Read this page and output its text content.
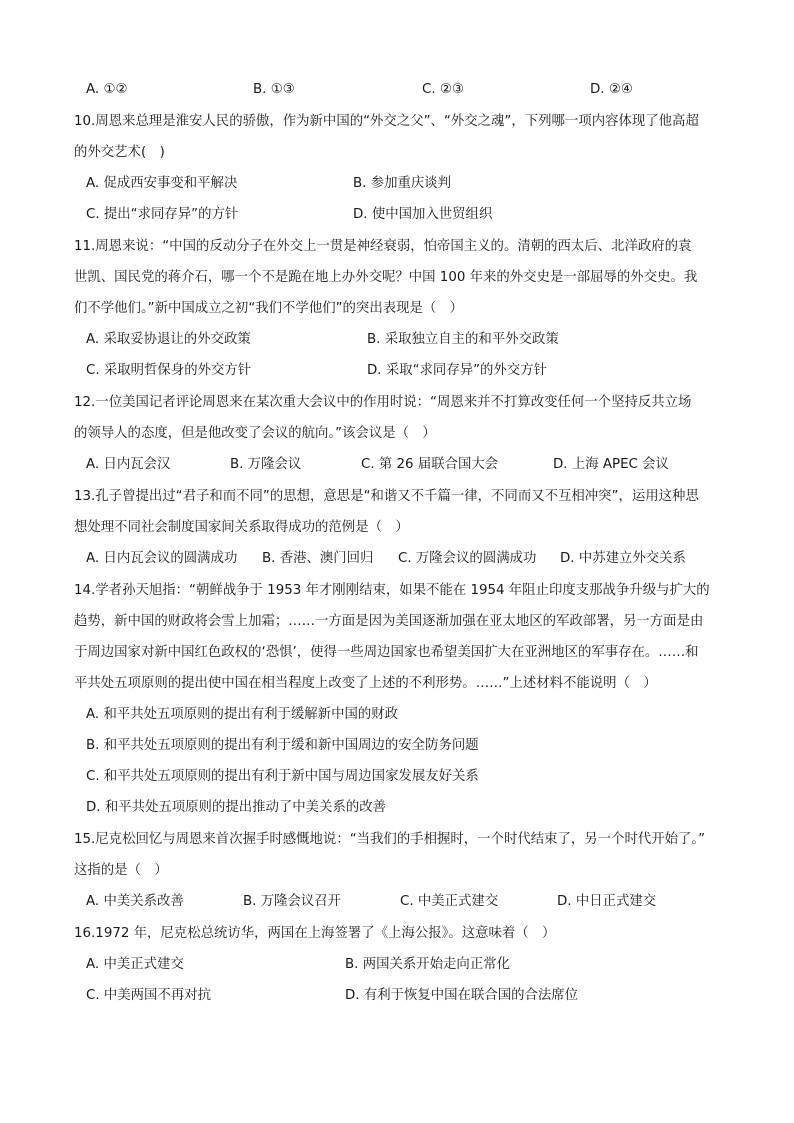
A. ①②	B. ①③	C. ②③	D. ②④
10.周恩来总理是淮安人民的骄傲，作为新中国的“外交之父”、“外交之魂”，下列哪一项内容体现了他高超
的外交艺术(　)
A. 促成西安事变和平解决	B. 参加重庆谈判
C. 提出“求同存异”的方针	D. 使中国加入世贸组织
11.周恩来说：“中国的反动分子在外交上一贯是神经衰弱，怕帝国主义的。清朝的西太后、北洋政府的袁
世凯、国民党的蒋介石，哪一个不是跪在地上办外交呢？中国 100 年来的外交史是一部屈辱的外交史。我
们不学他们。”新中国成立之初“我们不学他们”的突出表现是（　）
A. 采取妥协退让的外交政策	B. 采取独立自主的和平外交政策
C. 采取明哲保身的外交方针	D. 采取“求同存异”的外交方针
12.一位美国记者评论周恩来在某次重大会议中的作用时说：“周恩来并不打算改变任何一个坚持反共立场
的领导人的态度，但是他改变了会议的航向。”该会议是（　）
A. 日内瓦会汉	B. 万隆会议	C. 第 26 届联合国大会	D. 上海 APEC 会议
13.孔子曾提出过“君子和而不同”的思想，意思是“和谐又不千篇一律，不同而又不互相冲突”，运用这种思
想处理不同社会制度国家间关系取得成功的范例是（　）
A. 日内瓦会议的圆满成功 B. 香港、澳门回归 C. 万隆会议的圆满成功 D. 中苏建立外交关系
14.学者孙天旭指：“朝鲜战争于 1953 年才刚刚结束，如果不能在 1954 年阻止印度支那战争升级与扩大的
趋势，新中国的财政将会雪上加霜；……一方面是因为美国逐渐加强在亚太地区的军政部署，另一方面是由
于周边国家对新中国红色政权的‘恐惧’，使得一些周边国家也希望美国扩大在亚洲地区的军事存在。……和
平共处五项原则的提出使中国在相当程度上改变了上述的不利形势。……”上述材料不能说明（　）
A. 和平共处五项原则的提出有利于缓解新中国的财政
B. 和平共处五项原则的提出有利于缓和新中国周边的安全防务问题
C. 和平共处五项原则的提出有利于新中国与周边国家发展友好关系
D. 和平共处五项原则的提出推动了中美关系的改善
15.尼克松回忆与周恩来首次握手时感慨地说：“当我们的手相握时，一个时代结束了，另一个时代开始了。”
这指的是（　）
A. 中美关系改善	B. 万隆会议召开	C. 中美正式建交	D. 中日正式建交
16.1972 年，尼克松总统访华，两国在上海签署了《上海公报》。这意味着（　）
A. 中美正式建交	B. 两国关系开始走向正常化
C. 中美两国不再对抗	D. 有利于恢复中国在联合国的合法席位
